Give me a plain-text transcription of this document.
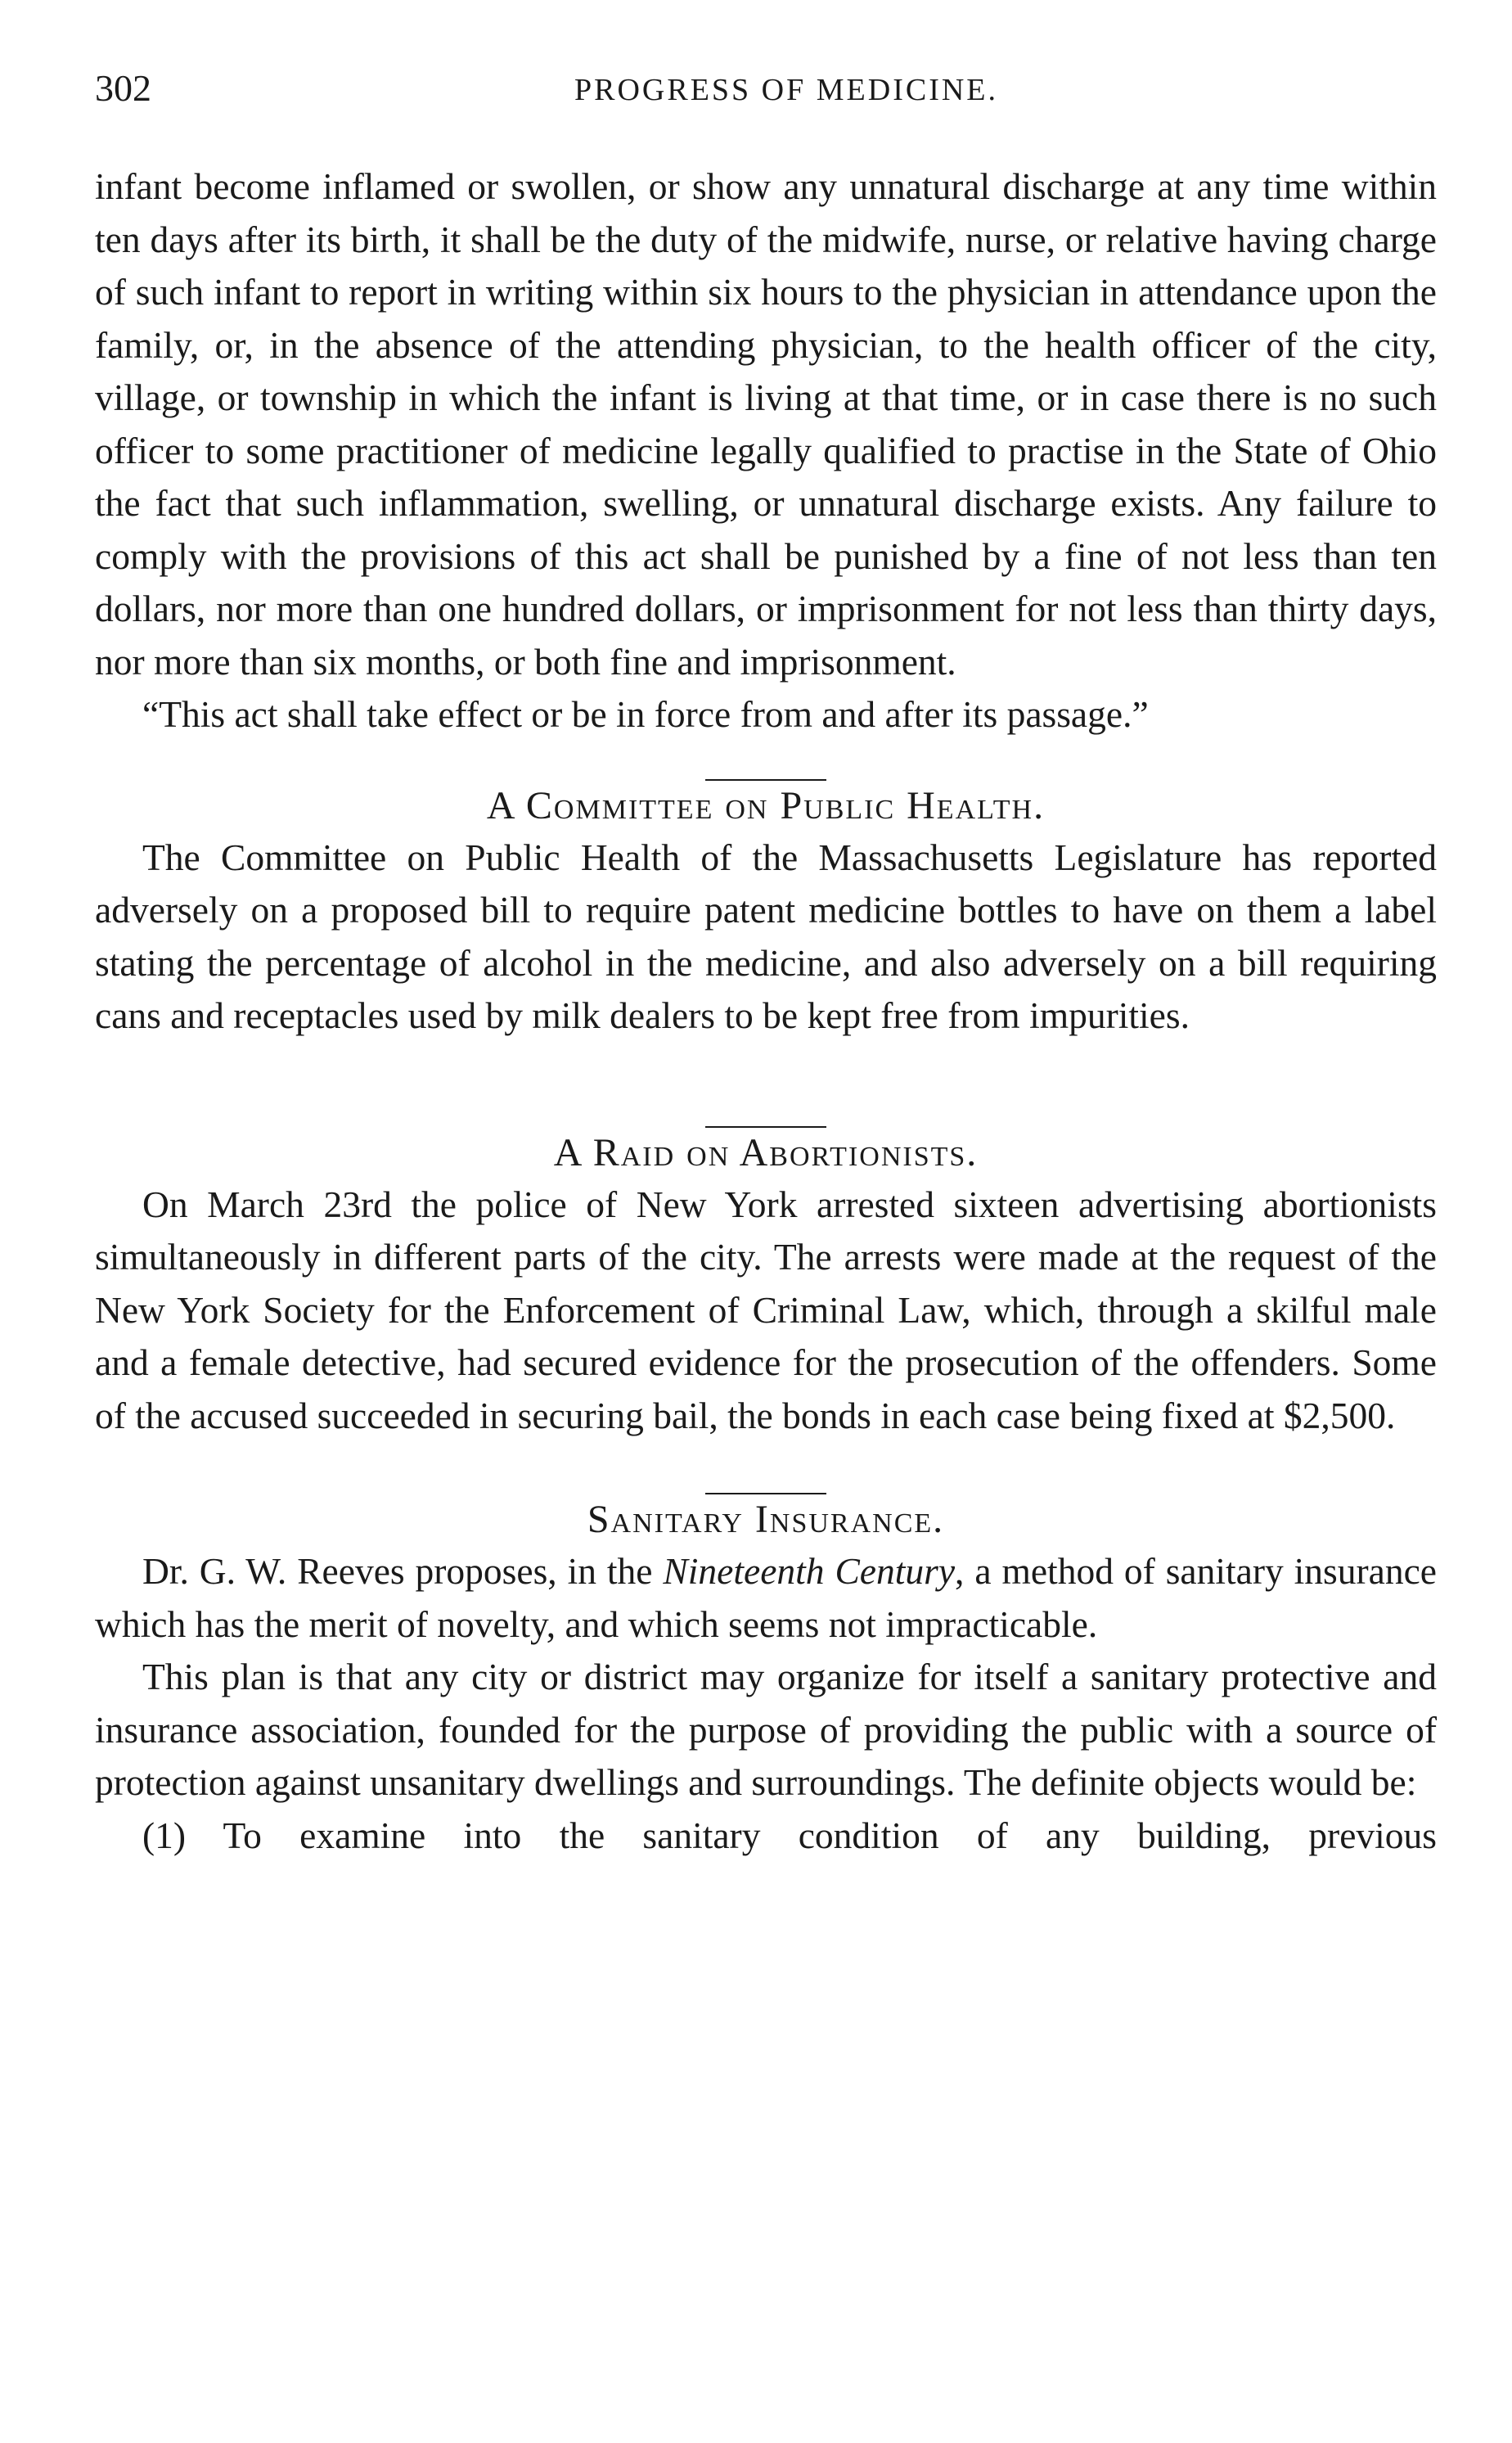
302	PROGRESS OF MEDICINE.

infant become inflamed or swollen, or show any unnatural discharge at any time within ten days after its birth, it shall be the duty of the midwife, nurse, or relative having charge of such infant to report in writing within six hours to the physician in attendance upon the family, or, in the absence of the attending physician, to the health officer of the city, village, or township in which the infant is living at that time, or in case there is no such officer to some practitioner of medicine legally qualified to practise in the State of Ohio the fact that such inflammation, swelling, or unnatural discharge exists. Any failure to comply with the provisions of this act shall be punished by a fine of not less than ten dollars, nor more than one hundred dollars, or imprisonment for not less than thirty days, nor more than six months, or both fine and imprisonment.

“This act shall take effect or be in force from and after its passage.”

A Committee on Public Health.

The Committee on Public Health of the Massachusetts Legislature has reported adversely on a proposed bill to require patent medicine bottles to have on them a label stating the percentage of alcohol in the medicine, and also adversely on a bill requiring cans and receptacles used by milk dealers to be kept free from impurities.

A Raid on Abortionists.

On March 23rd the police of New York arrested sixteen advertising abortionists simultaneously in different parts of the city. The arrests were made at the request of the New York Society for the Enforcement of Criminal Law, which, through a skilful male and a female detective, had secured evidence for the prosecution of the offenders. Some of the accused succeeded in securing bail, the bonds in each case being fixed at $2,500.

Sanitary Insurance.

Dr. G. W. Reeves proposes, in the Nineteenth Century, a method of sanitary insurance which has the merit of novelty, and which seems not impracticable.

This plan is that any city or district may organize for itself a sanitary protective and insurance association, founded for the purpose of providing the public with a source of protection against unsanitary dwellings and surroundings. The definite objects would be:

(1) To examine into the sanitary condition of any building, previous
